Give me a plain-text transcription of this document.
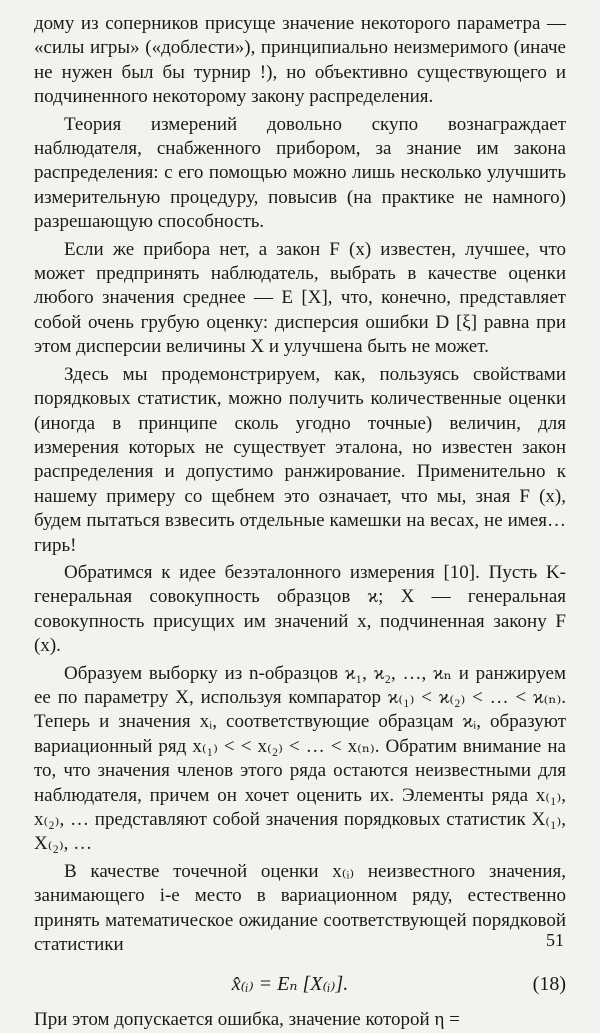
дому из соперников присуще значение некоторого параметра — «силы игры» («доблести»), принципиально неизмеримого (иначе не нужен был бы турнир !), но объективно существующего и подчиненного некоторому закону распределения.

Теория измерений довольно скупо вознаграждает наблюдателя, снабженного прибором, за знание им закона распределения: с его помощью можно лишь несколько улучшить измерительную процедуру, повысив (на практике не намного) разрешающую способность.

Если же прибора нет, а закон F (x) известен, лучшее, что может предпринять наблюдатель, выбрать в качестве оценки любого значения среднее — E [X], что, конечно, представляет собой очень грубую оценку: дисперсия ошибки D [ξ] равна при этом дисперсии величины X и улучшена быть не может.

Здесь мы продемонстрируем, как, пользуясь свойствами порядковых статистик, можно получить количественные оценки (иногда в принципе сколь угодно точные) величин, для измерения которых не существует эталона, но известен закон распределения и допустимо ранжирование. Применительно к нашему примеру со щебнем это означает, что мы, зная F (x), будем пытаться взвесить отдельные камешки на весах, не имея… гирь!

Обратимся к идее безэталонного измерения [10]. Пусть K-генеральная совокупность образцов ϰ; X — генеральная совокупность присущих им значений x, подчиненная закону F (x).

Образуем выборку из n-образцов ϰ₁, ϰ₂, …, ϰₙ и ранжируем ее по параметру X, используя компаратор ϰ₍₁₎ < ϰ₍₂₎ < … < ϰ₍ₙ₎. Теперь и значения xᵢ, соответствующие образцам ϰᵢ, образуют вариационный ряд x₍₁₎ < < x₍₂₎ < … < x₍ₙ₎. Обратим внимание на то, что значения членов этого ряда остаются неизвестными для наблюдателя, причем он хочет оценить их. Элементы ряда x₍₁₎, x₍₂₎, … представляют собой значения порядковых статистик X₍₁₎, X₍₂₎, …

В качестве точечной оценки x₍ᵢ₎ неизвестного значения, занимающего i-е место в вариационном ряду, естественно принять математическое ожидание соответствующей порядковой статистики

x̂₍ᵢ₎ = Eₙ [X₍ᵢ₎].	(18)

При этом допускается ошибка, значение которой η =

51
